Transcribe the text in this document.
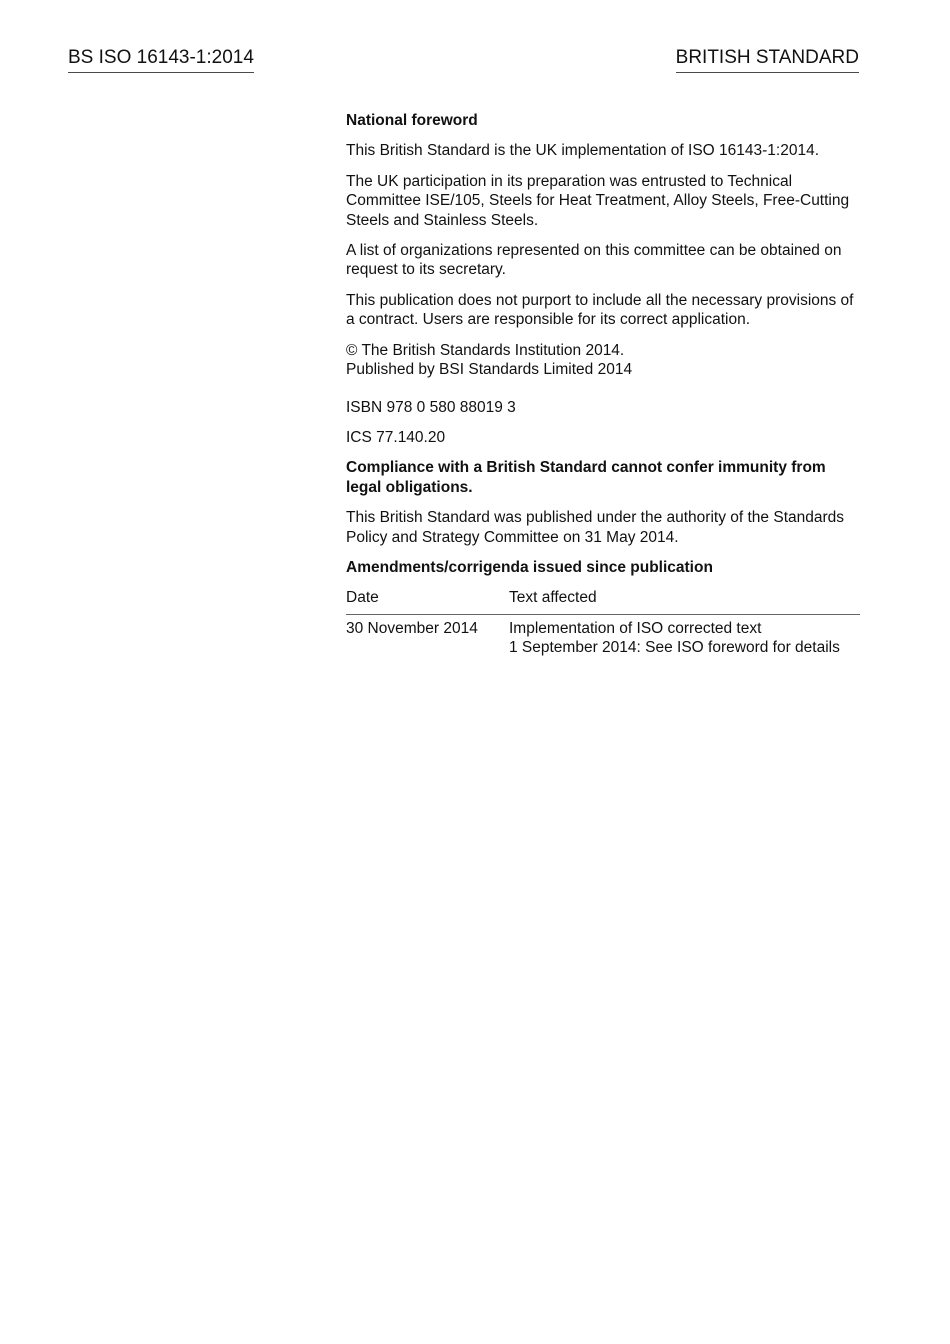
BS ISO 16143-1:2014	BRITISH STANDARD

National foreword

This British Standard is the UK implementation of ISO 16143-1:2014.

The UK participation in its preparation was entrusted to Technical Committee ISE/105, Steels for Heat Treatment, Alloy Steels, Free-Cutting Steels and Stainless Steels.

A list of organizations represented on this committee can be obtained on request to its secretary.

This publication does not purport to include all the necessary provisions of a contract. Users are responsible for its correct application.

© The British Standards Institution 2014.
Published by BSI Standards Limited 2014

ISBN 978 0 580 88019 3

ICS 77.140.20

Compliance with a British Standard cannot confer immunity from legal obligations.

This British Standard was published under the authority of the Standards Policy and Strategy Committee on 31 May 2014.

Amendments/corrigenda issued since publication

Date	Text affected
30 November 2014	Implementation of ISO corrected text
1 September 2014: See ISO foreword for details
